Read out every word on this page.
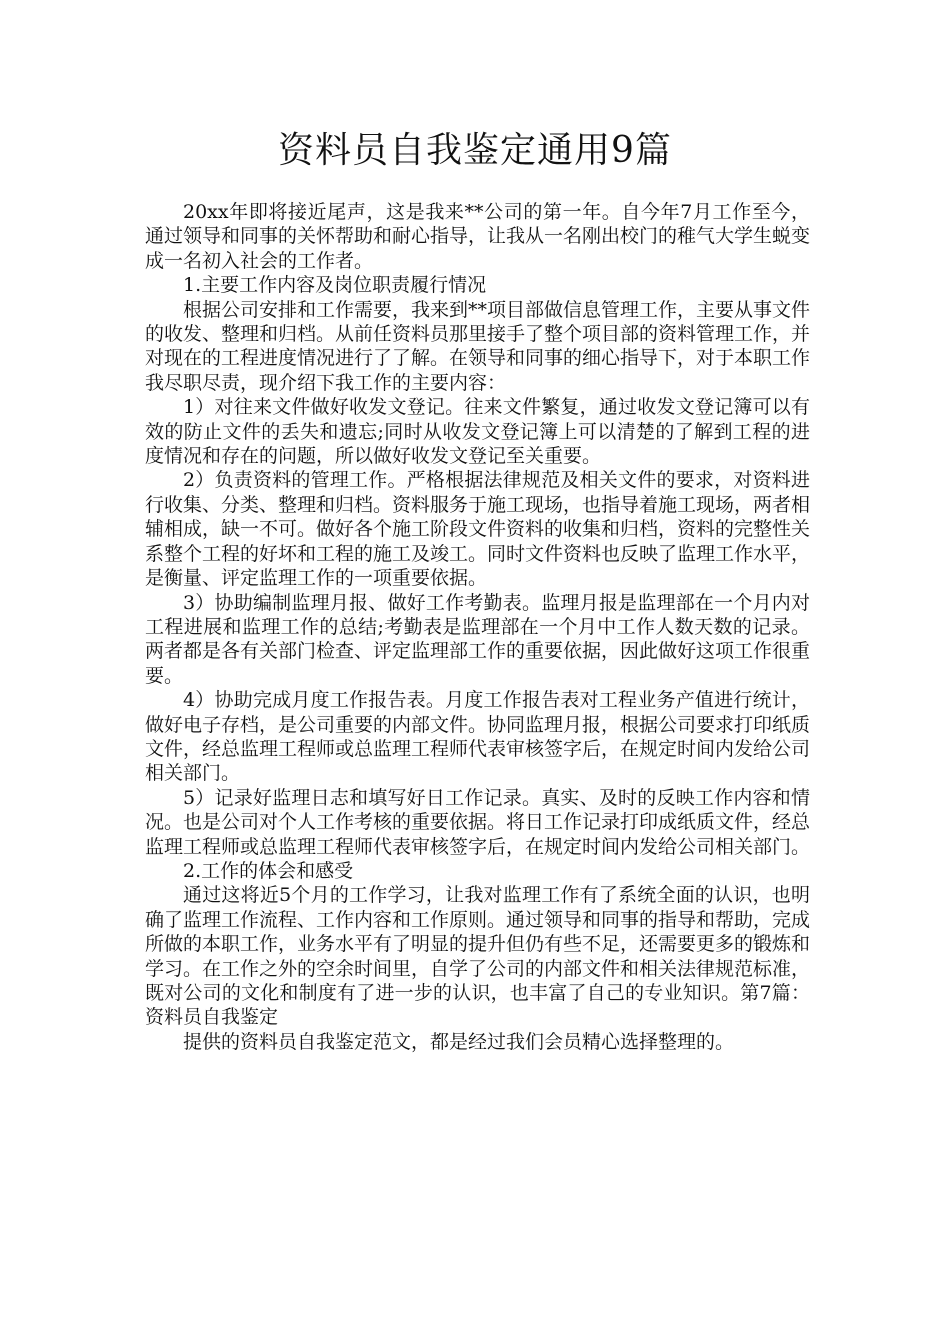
资料员自我鉴定通用9篇

20xx年即将接近尾声，这是我来**公司的第一年。自今年7月工作至今，通过领导和同事的关怀帮助和耐心指导，让我从一名刚出校门的稚气大学生蜕变成一名初入社会的工作者。

1.主要工作内容及岗位职责履行情况

根据公司安排和工作需要，我来到**项目部做信息管理工作，主要从事文件的收发、整理和归档。从前任资料员那里接手了整个项目部的资料管理工作，并对现在的工程进度情况进行了了解。在领导和同事的细心指导下，对于本职工作我尽职尽责，现介绍下我工作的主要内容：

1）对往来文件做好收发文登记。往来文件繁复，通过收发文登记簿可以有效的防止文件的丢失和遗忘;同时从收发文登记簿上可以清楚的了解到工程的进度情况和存在的问题，所以做好收发文登记至关重要。

2）负责资料的管理工作。严格根据法律规范及相关文件的要求，对资料进行收集、分类、整理和归档。资料服务于施工现场，也指导着施工现场，两者相辅相成，缺一不可。做好各个施工阶段文件资料的收集和归档，资料的完整性关系整个工程的好坏和工程的施工及竣工。同时文件资料也反映了监理工作水平，是衡量、评定监理工作的一项重要依据。

3）协助编制监理月报、做好工作考勤表。监理月报是监理部在一个月内对工程进展和监理工作的总结;考勤表是监理部在一个月中工作人数天数的记录。两者都是各有关部门检查、评定监理部工作的重要依据，因此做好这项工作很重要。

4）协助完成月度工作报告表。月度工作报告表对工程业务产值进行统计，做好电子存档，是公司重要的内部文件。协同监理月报，根据公司要求打印纸质文件，经总监理工程师或总监理工程师代表审核签字后，在规定时间内发给公司相关部门。

5）记录好监理日志和填写好日工作记录。真实、及时的反映工作内容和情况。也是公司对个人工作考核的重要依据。将日工作记录打印成纸质文件，经总监理工程师或总监理工程师代表审核签字后，在规定时间内发给公司相关部门。

2.工作的体会和感受

通过这将近5个月的工作学习，让我对监理工作有了系统全面的认识，也明确了监理工作流程、工作内容和工作原则。通过领导和同事的指导和帮助，完成所做的本职工作，业务水平有了明显的提升但仍有些不足，还需要更多的锻炼和学习。在工作之外的空余时间里，自学了公司的内部文件和相关法律规范标准，既对公司的文化和制度有了进一步的认识，也丰富了自己的专业知识。第7篇：资料员自我鉴定

提供的资料员自我鉴定范文，都是经过我们会员精心选择整理的。
